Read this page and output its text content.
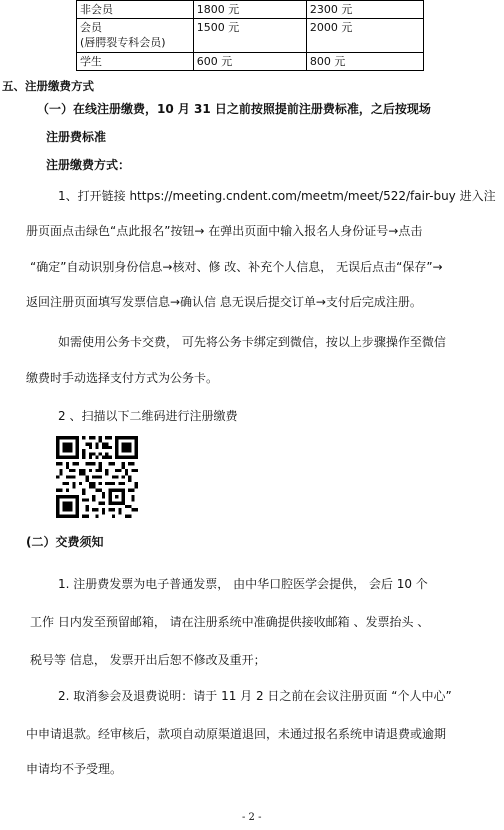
非会员	1800 元	2300 元

会员
(唇腭裂专科会员)	1500 元	2000 元
学生	600 元	800 元
五、注册缴费方式
（一）在线注册缴费，10 月 31 日之前按照提前注册费标准，之后按现场
注册费标准
注册缴费方式：
1、打开链接 https://meeting.cndent.com/meetm/meet/522/fair-buy 进入注
册页面点击绿色“点此报名”按钮→ 在弹出页面中输入报名人身份证号→点击
“确定”自动识别身份信息→核对、修 改、补充个人信息， 无误后点击“保存”→
返回注册页面填写发票信息→确认信 息无误后提交订单→支付后完成注册。
如需使用公务卡交费， 可先将公务卡绑定到微信，按以上步骤操作至微信
缴费时手动选择支付方式为公务卡。
2 、扫描以下二维码进行注册缴费
(二）交费须知
1. 注册费发票为电子普通发票， 由中华口腔医学会提供， 会后 10 个
工作 日内发至预留邮箱， 请在注册系统中准确提供接收邮箱 、发票抬头 、
税号等 信息， 发票开出后恕不修改及重开；
2. 取消参会及退费说明：请于 11 月 2 日之前在会议注册页面 “个人中心”
中申请退款。经审核后，款项自动原渠道退回，未通过报名系统申请退费或逾期
申请均不予受理。
- 2 -
